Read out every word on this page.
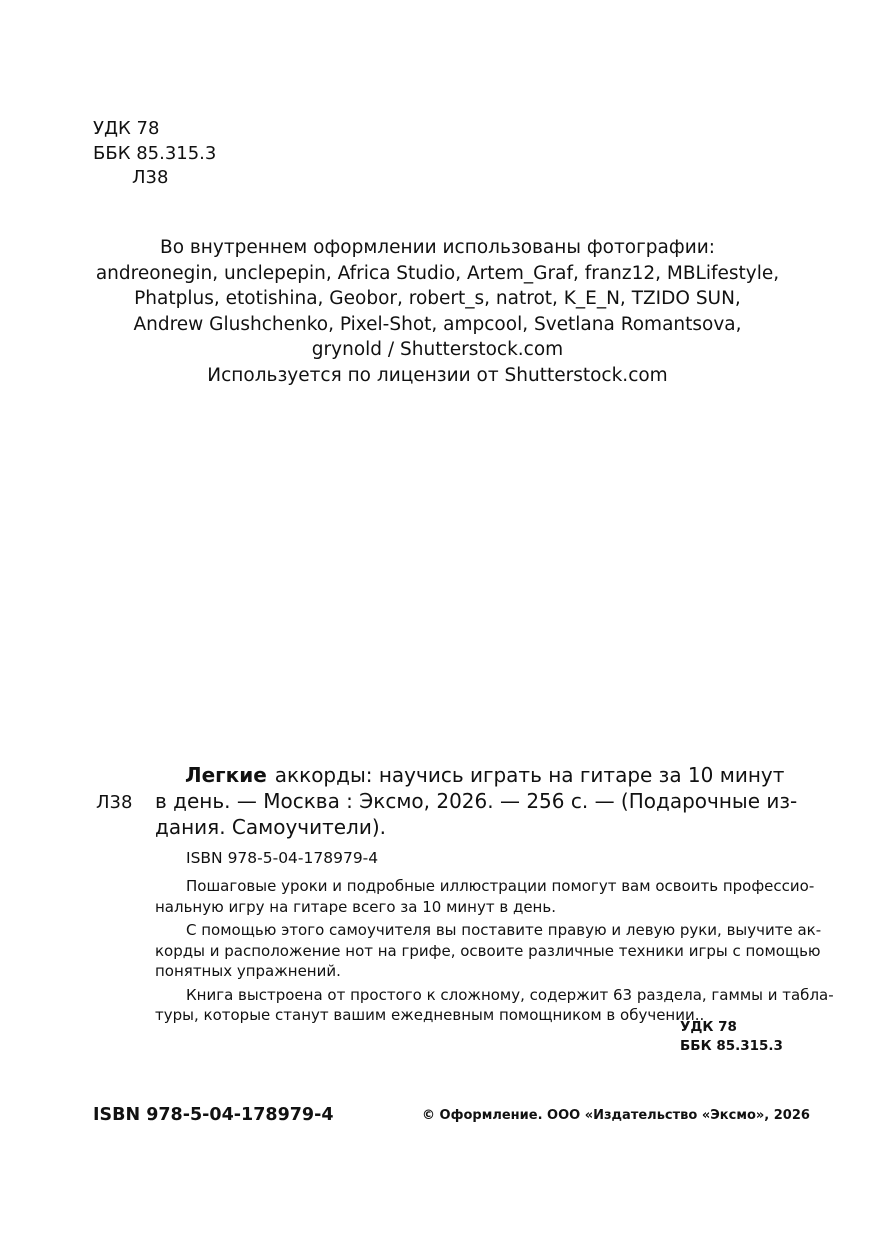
УДК 78
ББК 85.315.3
Л38
Во внутреннем оформлении использованы фотографии:
andreonegin, unclepepin, Africa Studio, Artem_Graf, franz12, MBLifestyle,
Phatplus, etotishina, Geobor, robert_s, natrot, K_E_N, TZIDO SUN,
Andrew Glushchenko, Pixel-Shot, ampcool, Svetlana Romantsova,
grynold / Shutterstock.com
Используется по лицензии от Shutterstock.com
Л38
Легкие аккорды: научись играть на гитаре за 10 минут
в день. — Москва : Эксмо, 2026. — 256 с. — (Подарочные из-
дания. Самоучители).
ISBN 978-5-04-178979-4
Пошаговые уроки и подробные иллюстрации помогут вам освоить профессио-
нальную игру на гитаре всего за 10 минут в день.
С помощью этого самоучителя вы поставите правую и левую руки, выучите ак-
корды и расположение нот на грифе, освоите различные техники игры с помощью
понятных упражнений.
Книга выстроена от простого к сложному, содержит 63 раздела, гаммы и табла-
туры, которые станут вашим ежедневным помощником в обучении..
УДК 78
ББК 85.315.3
ISBN 978-5-04-178979-4	© Оформление. ООО «Издательство «Эксмо», 2026
